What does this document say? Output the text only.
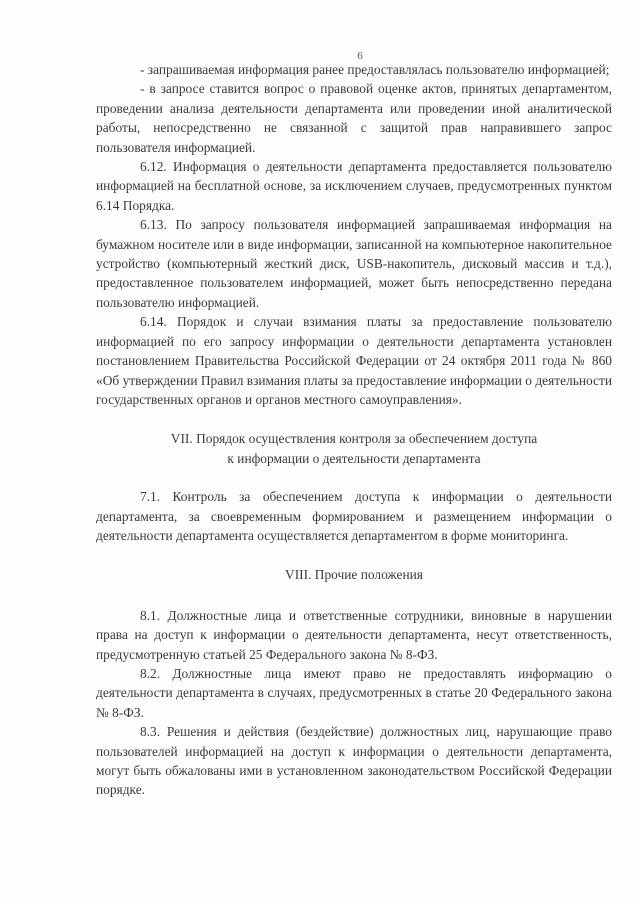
6

- запрашиваемая информация ранее предоставлялась пользователю информацией;

- в запросе ставится вопрос о правовой оценке актов, принятых департаментом, проведении анализа деятельности департамента или проведении иной аналитической работы, непосредственно не связанной с защитой прав направившего запрос пользователя информацией.

6.12. Информация о деятельности департамента предоставляется пользователю информацией на бесплатной основе, за исключением случаев, предусмотренных пунктом 6.14 Порядка.

6.13. По запросу пользователя информацией запрашиваемая информация на бумажном носителе или в виде информации, записанной на компьютерное накопительное устройство (компьютерный жесткий диск, USB-накопитель, дисковый массив и т.д.), предоставленное пользователем информацией, может быть непосредственно передана пользователю информацией.

6.14. Порядок и случаи взимания платы за предоставление пользователю информацией по его запросу информации о деятельности департамента установлен постановлением Правительства Российской Федерации от 24 октября 2011 года № 860 «Об утверждении Правил взимания платы за предоставление информации о деятельности государственных органов и органов местного самоуправления».

VII. Порядок осуществления контроля за обеспечением доступа
к информации о деятельности департамента

7.1. Контроль за обеспечением доступа к информации о деятельности департамента, за своевременным формированием и размещением информации о деятельности департамента осуществляется департаментом в форме мониторинга.

VIII. Прочие положения

8.1. Должностные лица и ответственные сотрудники, виновные в нарушении права на доступ к информации о деятельности департамента, несут ответственность, предусмотренную статьей 25 Федерального закона № 8-ФЗ.

8.2. Должностные лица имеют право не предоставлять информацию о деятельности департамента в случаях, предусмотренных в статье 20 Федерального закона № 8-ФЗ.

8.3. Решения и действия (бездействие) должностных лиц, нарушающие право пользователей информацией на доступ к информации о деятельности департамента, могут быть обжалованы ими в установленном законодательством Российской Федерации порядке.
